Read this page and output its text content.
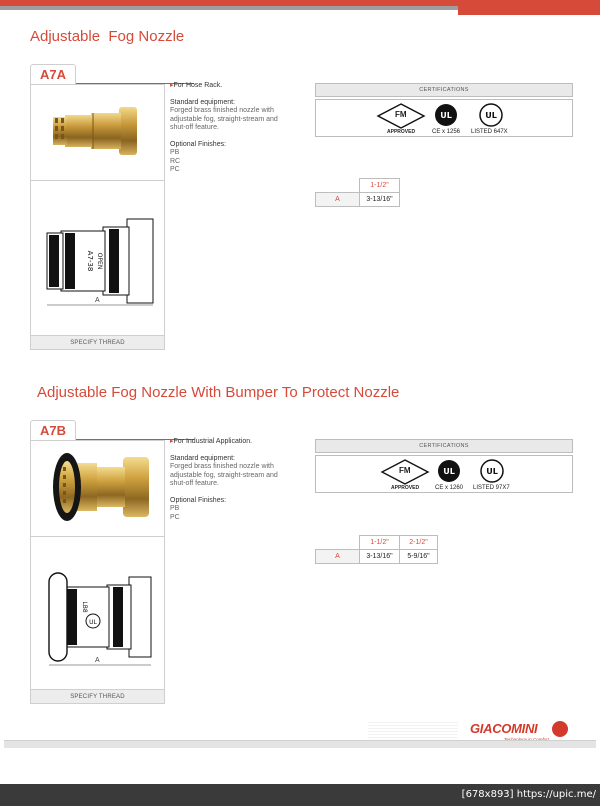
Adjustable  Fog Nozzle
A7A
A7-38 OPEN
A
SPECIFY THREAD
▸ For Hose Rack.
Standard equipment:
Forged brass finished nozzle with
adjustable fog, straight-stream and
shut-off feature.
Optional Finishes:
PB
RC
PC
CERTIFICATIONS
FM
APPROVED
UL
CE x 1256
UL
LISTED 647X
	1-1/2"
A	3-13/16"
Adjustable Fog Nozzle With Bumper To Protect Nozzle
A7B
UL
LB8
A
SPECIFY THREAD
▸ For Industrial Application.
Standard equipment:
Forged brass finished nozzle with
adjustable fog, straight-stream and
shut-off feature.
Optional Finishes:
PB
PC
CERTIFICATIONS
FM
APPROVED
UL
CE x 1260
UL
LISTED 97X7
	1-1/2"	2-1/2"
A	3-13/16"	5-9/16"
GIACOMINI
[678x893] https://upic.me/
